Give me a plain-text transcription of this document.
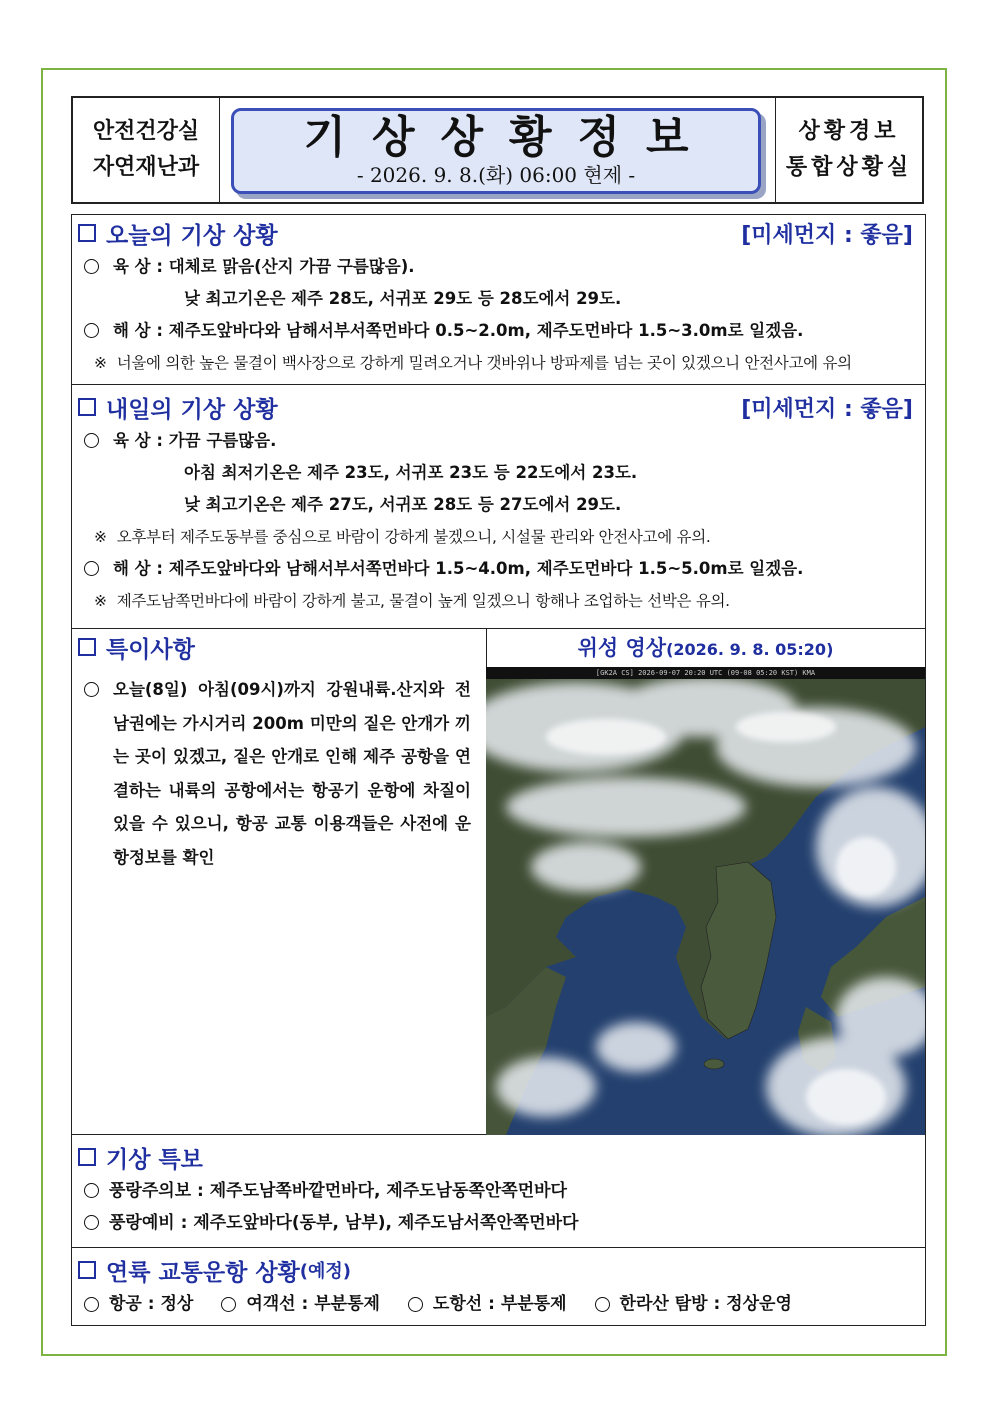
안전건강실
자연재난과
기상상황정보
- 2026. 9. 8.(화) 06:00 현제 -
상황경보
통합상황실
오늘의 기상 상황	[미세먼지 : 좋음]
육 상 : 대체로 맑음(산지 가끔 구름많음).
낮 최고기온은 제주 28도, 서귀포 29도 등 28도에서 29도.
해 상 : 제주도앞바다와 남해서부서쪽먼바다 0.5~2.0m, 제주도먼바다 1.5~3.0m로 일겠음.
※ 너울에 의한 높은 물결이 백사장으로 강하게 밀려오거나 갯바위나 방파제를 넘는 곳이 있겠으니 안전사고에 유의
내일의 기상 상황	[미세먼지 : 좋음]
육 상 : 가끔 구름많음.
아침 최저기온은 제주 23도, 서귀포 23도 등 22도에서 23도.
낮 최고기온은 제주 27도, 서귀포 28도 등 27도에서 29도.
※ 오후부터 제주도동부를 중심으로 바람이 강하게 불겠으니, 시설물 관리와 안전사고에 유의.
해 상 : 제주도앞바다와 남해서부서쪽먼바다 1.5~4.0m, 제주도먼바다 1.5~5.0m로 일겠음.
※ 제주도남쪽먼바다에 바람이 강하게 불고, 물결이 높게 일겠으니 항해나 조업하는 선박은 유의.
특이사항
오늘(8일) 아침(09시)까지 강원내륙.산지와 전남권에는 가시거리 200m 미만의 짙은 안개가 끼는 곳이 있겠고, 짙은 안개로 인해 제주 공항을 연결하는 내륙의 공항에서는 항공기 운항에 차질이 있을 수 있으니, 항공 교통 이용객들은 사전에 운항정보를 확인
위성 영상(2026. 9. 8. 05:20)
[GK2A CS] 2026-09-07 20:20 UTC (09-08 05:20 KST) KMA
기상 특보
풍랑주의보 : 제주도남쪽바깥먼바다, 제주도남동쪽안쪽먼바다
풍랑예비 : 제주도앞바다(동부, 남부), 제주도남서쪽안쪽먼바다
연륙 교통운항 상황 (예정)
항공 : 정상	여객선 : 부분통제	도항선 : 부분통제	한라산 탐방 : 정상운영
